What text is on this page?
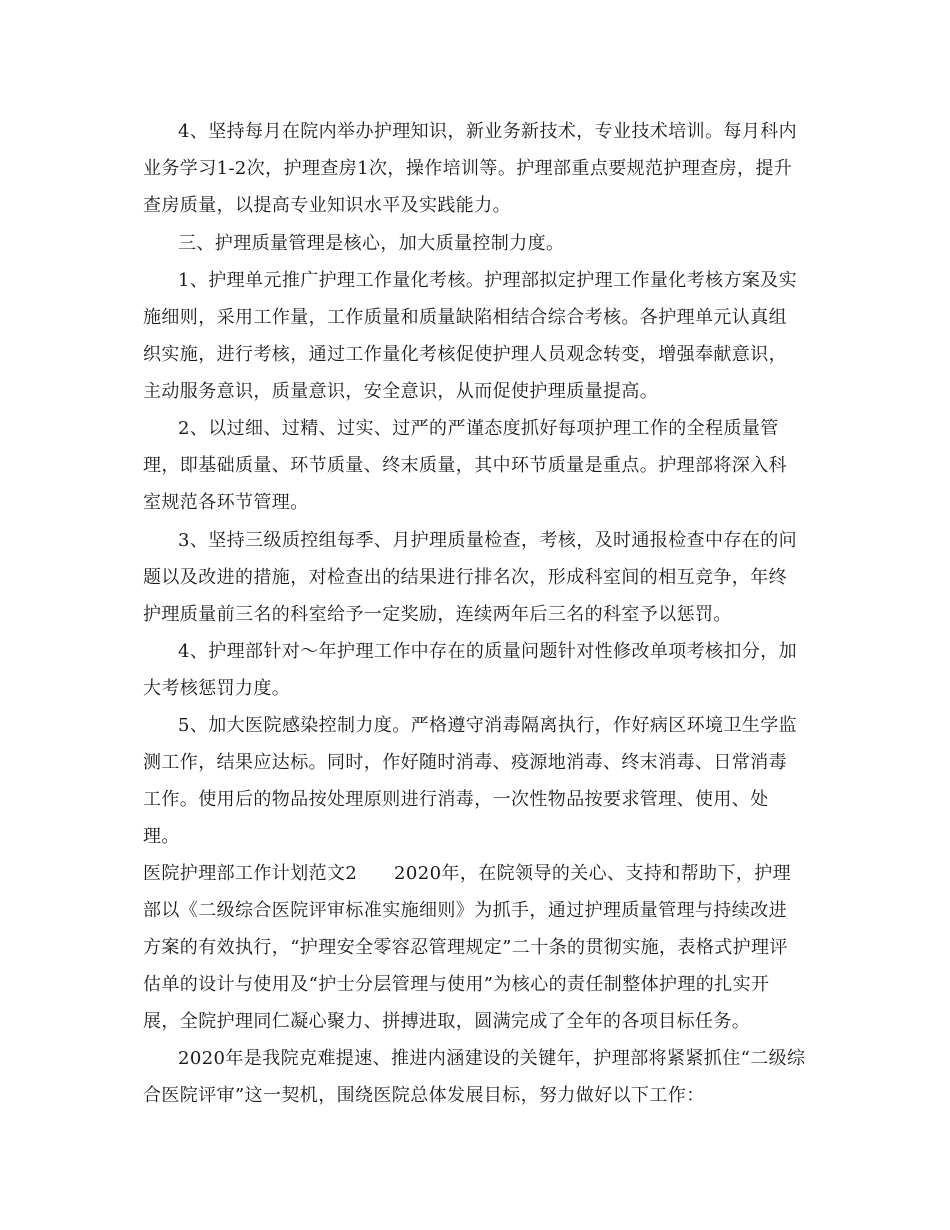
4、坚持每月在院内举办护理知识，新业务新技术，专业技术培训。每月科内
业务学习1-2次，护理查房1次，操作培训等。护理部重点要规范护理查房，提升
查房质量，以提高专业知识水平及实践能力。
三、护理质量管理是核心，加大质量控制力度。
1、护理单元推广护理工作量化考核。护理部拟定护理工作量化考核方案及实
施细则，采用工作量，工作质量和质量缺陷相结合综合考核。各护理单元认真组
织实施，进行考核，通过工作量化考核促使护理人员观念转变，增强奉献意识，
主动服务意识，质量意识，安全意识，从而促使护理质量提高。
2、以过细、过精、过实、过严的严谨态度抓好每项护理工作的全程质量管
理，即基础质量、环节质量、终末质量，其中环节质量是重点。护理部将深入科
室规范各环节管理。
3、坚持三级质控组每季、月护理质量检查，考核，及时通报检查中存在的问
题以及改进的措施，对检查出的结果进行排名次，形成科室间的相互竞争，年终
护理质量前三名的科室给予一定奖励，连续两年后三名的科室予以惩罚。
4、护理部针对～年护理工作中存在的质量问题针对性修改单项考核扣分，加
大考核惩罚力度。
5、加大医院感染控制力度。严格遵守消毒隔离执行，作好病区环境卫生学监
测工作，结果应达标。同时，作好随时消毒、疫源地消毒、终末消毒、日常消毒
工作。使用后的物品按处理原则进行消毒，一次性物品按要求管理、使用、处
理。
医院护理部工作计划范文2　　2020年，在院领导的关心、支持和帮助下，护理
部以《二级综合医院评审标准实施细则》为抓手，通过护理质量管理与持续改进
方案的有效执行，“护理安全零容忍管理规定”二十条的贯彻实施，表格式护理评
估单的设计与使用及“护士分层管理与使用”为核心的责任制整体护理的扎实开
展，全院护理同仁凝心聚力、拼搏进取，圆满完成了全年的各项目标任务。
2020年是我院克难提速、推进内涵建设的关键年，护理部将紧紧抓住“二级综
合医院评审”这一契机，围绕医院总体发展目标，努力做好以下工作：
